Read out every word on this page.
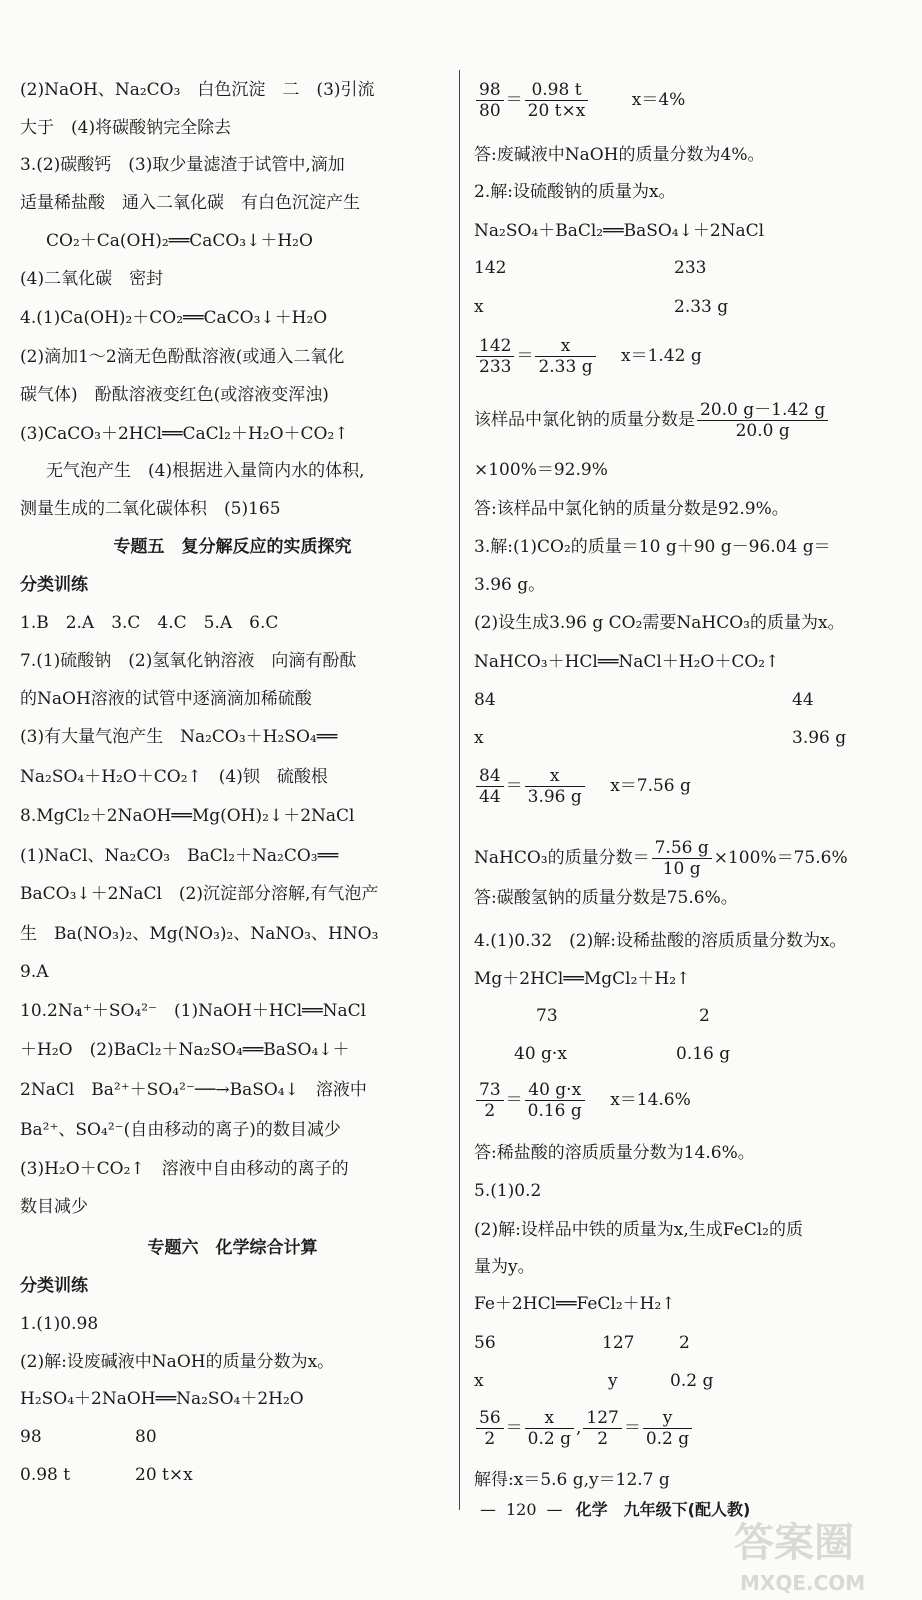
(2)NaOH、Na₂CO₃　白色沉淀　二　(3)引流
大于　(4)将碳酸钠完全除去
3.(2)碳酸钙　(3)取少量滤渣于试管中,滴加
适量稀盐酸　通入二氧化碳　有白色沉淀产生
CO₂＋Ca(OH)₂══CaCO₃↓＋H₂O
(4)二氧化碳　密封
4.(1)Ca(OH)₂＋CO₂══CaCO₃↓＋H₂O
(2)滴加1～2滴无色酚酞溶液(或通入二氧化
碳气体)　酚酞溶液变红色(或溶液变浑浊)
(3)CaCO₃＋2HCl══CaCl₂＋H₂O＋CO₂↑
无气泡产生　(4)根据进入量筒内水的体积,
测量生成的二氧化碳体积　(5)165
专题五　复分解反应的实质探究
分类训练
1.B　2.A　3.C　4.C　5.A　6.C
7.(1)硫酸钠　(2)氢氧化钠溶液　向滴有酚酞
的NaOH溶液的试管中逐滴滴加稀硫酸
(3)有大量气泡产生　Na₂CO₃＋H₂SO₄══
Na₂SO₄＋H₂O＋CO₂↑　(4)钡　硫酸根
8.MgCl₂＋2NaOH══Mg(OH)₂↓＋2NaCl
(1)NaCl、Na₂CO₃　BaCl₂＋Na₂CO₃══
BaCO₃↓＋2NaCl　(2)沉淀部分溶解,有气泡产
生　Ba(NO₃)₂、Mg(NO₃)₂、NaNO₃、HNO₃
9.A
10.2Na⁺＋SO₄²⁻　(1)NaOH＋HCl══NaCl
＋H₂O　(2)BaCl₂＋Na₂SO₄══BaSO₄↓＋
2NaCl　Ba²⁺＋SO₄²⁻──→BaSO₄↓　溶液中
Ba²⁺、SO₄²⁻(自由移动的离子)的数目减少
(3)H₂O＋CO₂↑　溶液中自由移动的离子的
数目减少
专题六　化学综合计算
分类训练
1.(1)0.98
(2)解:设废碱液中NaOH的质量分数为x。
H₂SO₄＋2NaOH══Na₂SO₄＋2H₂O
98	80
0.98 t	20 t×x
$\frac{98}{80} = \frac{0.98 t}{20 t\times x}$	x＝4%
答:废碱液中NaOH的质量分数为4%。
2.解:设硫酸钠的质量为x。
Na₂SO₄＋BaCl₂══BaSO₄↓＋2NaCl
142	233
x	2.33 g
$\frac{142}{233} = \frac{x}{2.33 g} x=1.42$ g
该样品中氯化钠的质量分数是 $\frac{20.0 g-1.42 g}{20.0 g}$
×100%＝92.9%
答:该样品中氯化钠的质量分数是92.9%。
3.解:(1)CO₂的质量＝10 g＋90 g－96.04 g＝
3.96 g。
(2)设生成3.96 g CO₂需要NaHCO₃的质量为x。
NaHCO₃＋HCl══NaCl＋H₂O＋CO₂↑
84	44
x	3.96 g
$\frac{84}{44} = \frac{x}{3.96 g} x=7.56$ g
NaHCO₃的质量分数＝ $\frac{7.56 g}{10 g} \times 100\%=75.6\%$
答:碳酸氢钠的质量分数是75.6%。
4.(1)0.32　(2)解:设稀盐酸的溶质质量分数为x。
Mg＋2HCl══MgCl₂＋H₂↑
73	2
40 g·x	0.16 g
$\frac{73}{2} = \frac{40 g\cdot x}{0.16 g} x=14.6\%$
答:稀盐酸的溶质质量分数为14.6%。
5.(1)0.2
(2)解:设样品中铁的质量为x,生成FeCl₂的质
量为y。
Fe＋2HCl══FeCl₂＋H₂↑
56	127	2
x	y	0.2 g
$\frac{56}{2} = \frac{x}{0.2 g}$ , $\frac{127}{2} = \frac{y}{0.2 g}$
解得:x＝5.6 g,y＝12.7 g
— 120 — 化学　九年级下(配人教)
答案圈
MXQE.COM
